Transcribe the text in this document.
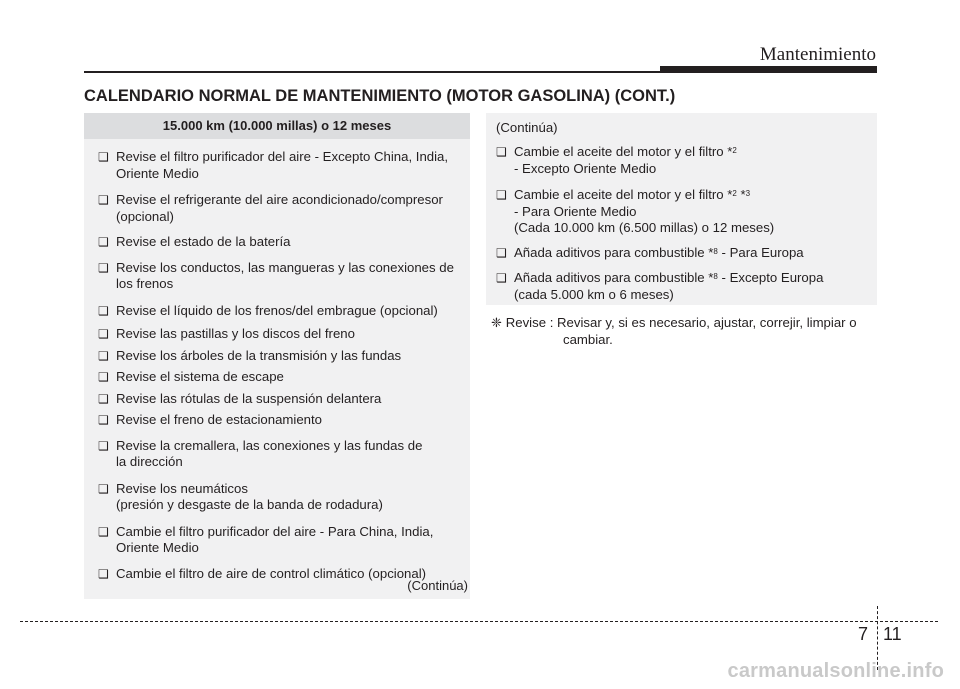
Mantenimiento
CALENDARIO NORMAL DE MANTENIMIENTO (MOTOR GASOLINA) (CONT.)
15.000 km (10.000 millas) o 12 meses
❑ Revise el filtro purificador del aire - Excepto China, India,
Oriente Medio
❑ Revise el refrigerante del aire acondicionado/compresor
(opcional)
❑ Revise el estado de la batería
❑ Revise los conductos, las mangueras y las conexiones de
los frenos
❑ Revise el líquido de los frenos/del embrague (opcional)
❑ Revise las pastillas y los discos del freno
❑ Revise los árboles de la transmisión y las fundas
❑ Revise el sistema de escape
❑ Revise las rótulas de la suspensión delantera
❑ Revise el freno de estacionamiento
❑ Revise la cremallera, las conexiones y las fundas de
la dirección
❑ Revise los neumáticos
(presión y desgaste de la banda de rodadura)
❑ Cambie el filtro purificador del aire - Para China, India,
Oriente Medio
❑ Cambie el filtro de aire de control climático (opcional)
(Continúa)
(Continúa)
❑ Cambie el aceite del motor y el filtro *$^2$
- Excepto Oriente Medio
❑ Cambie el aceite del motor y el filtro *$^2$ *$^3$
- Para Oriente Medio
(Cada 10.000 km (6.500 millas) o 12 meses)
❑ Añada aditivos para combustible *$^8$ - Para Europa
❑ Añada aditivos para combustible *$^8$ - Excepto Europa
(cada 5.000 km o 6 meses)
❈ Revise : Revisar y, si es necesario, ajustar, correjir, limpiar o
cambiar.
7 11
carmanualsonline.info
